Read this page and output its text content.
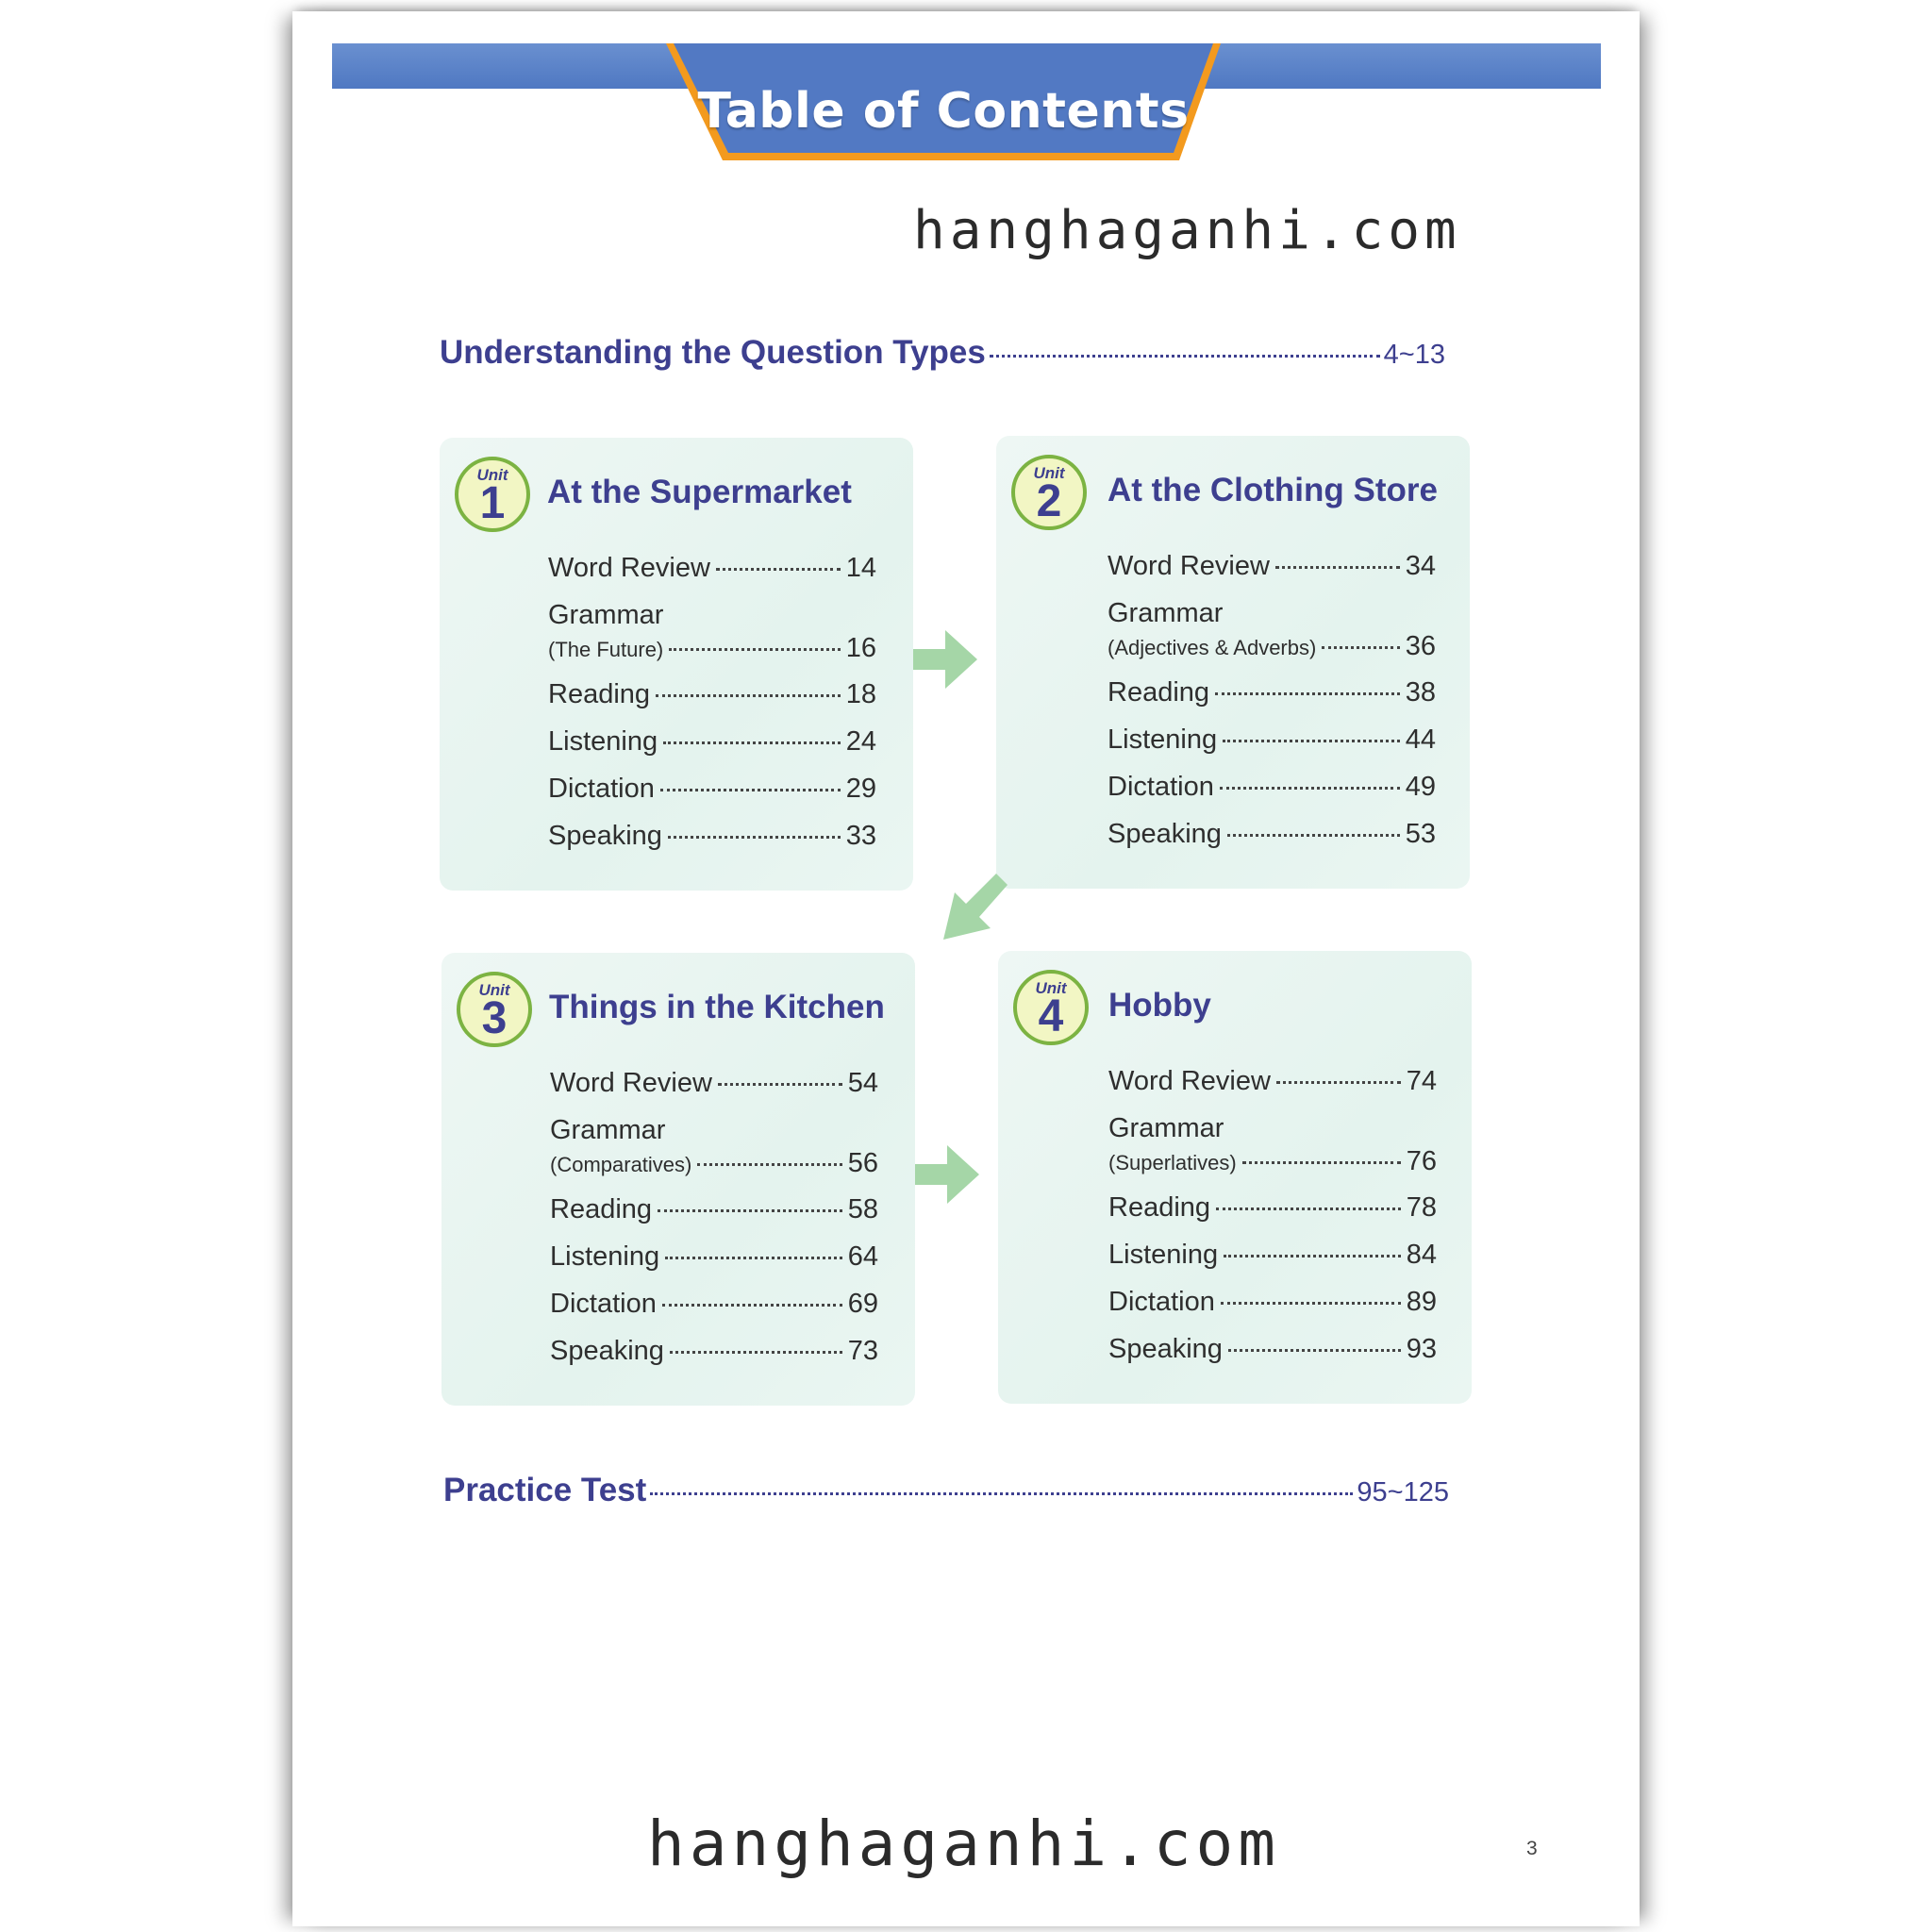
Table of Contents
hanghaganhi.com
Understanding the Question Types	4~13
Unit
1	At the Supermarket
Word Review	14
Grammar
(The Future)	16
Reading	18
Listening	24
Dictation	29
Speaking	33
Unit
2	At the Clothing Store
Word Review	34
Grammar
(Adjectives & Adverbs)	36
Reading	38
Listening	44
Dictation	49
Speaking	53
Unit
3	Things in the Kitchen
Word Review	54
Grammar
(Comparatives)	56
Reading	58
Listening	64
Dictation	69
Speaking	73
Unit
4	Hobby
Word Review	74
Grammar
(Superlatives)	76
Reading	78
Listening	84
Dictation	89
Speaking	93
Practice Test	95~125
hanghaganhi.com	3
